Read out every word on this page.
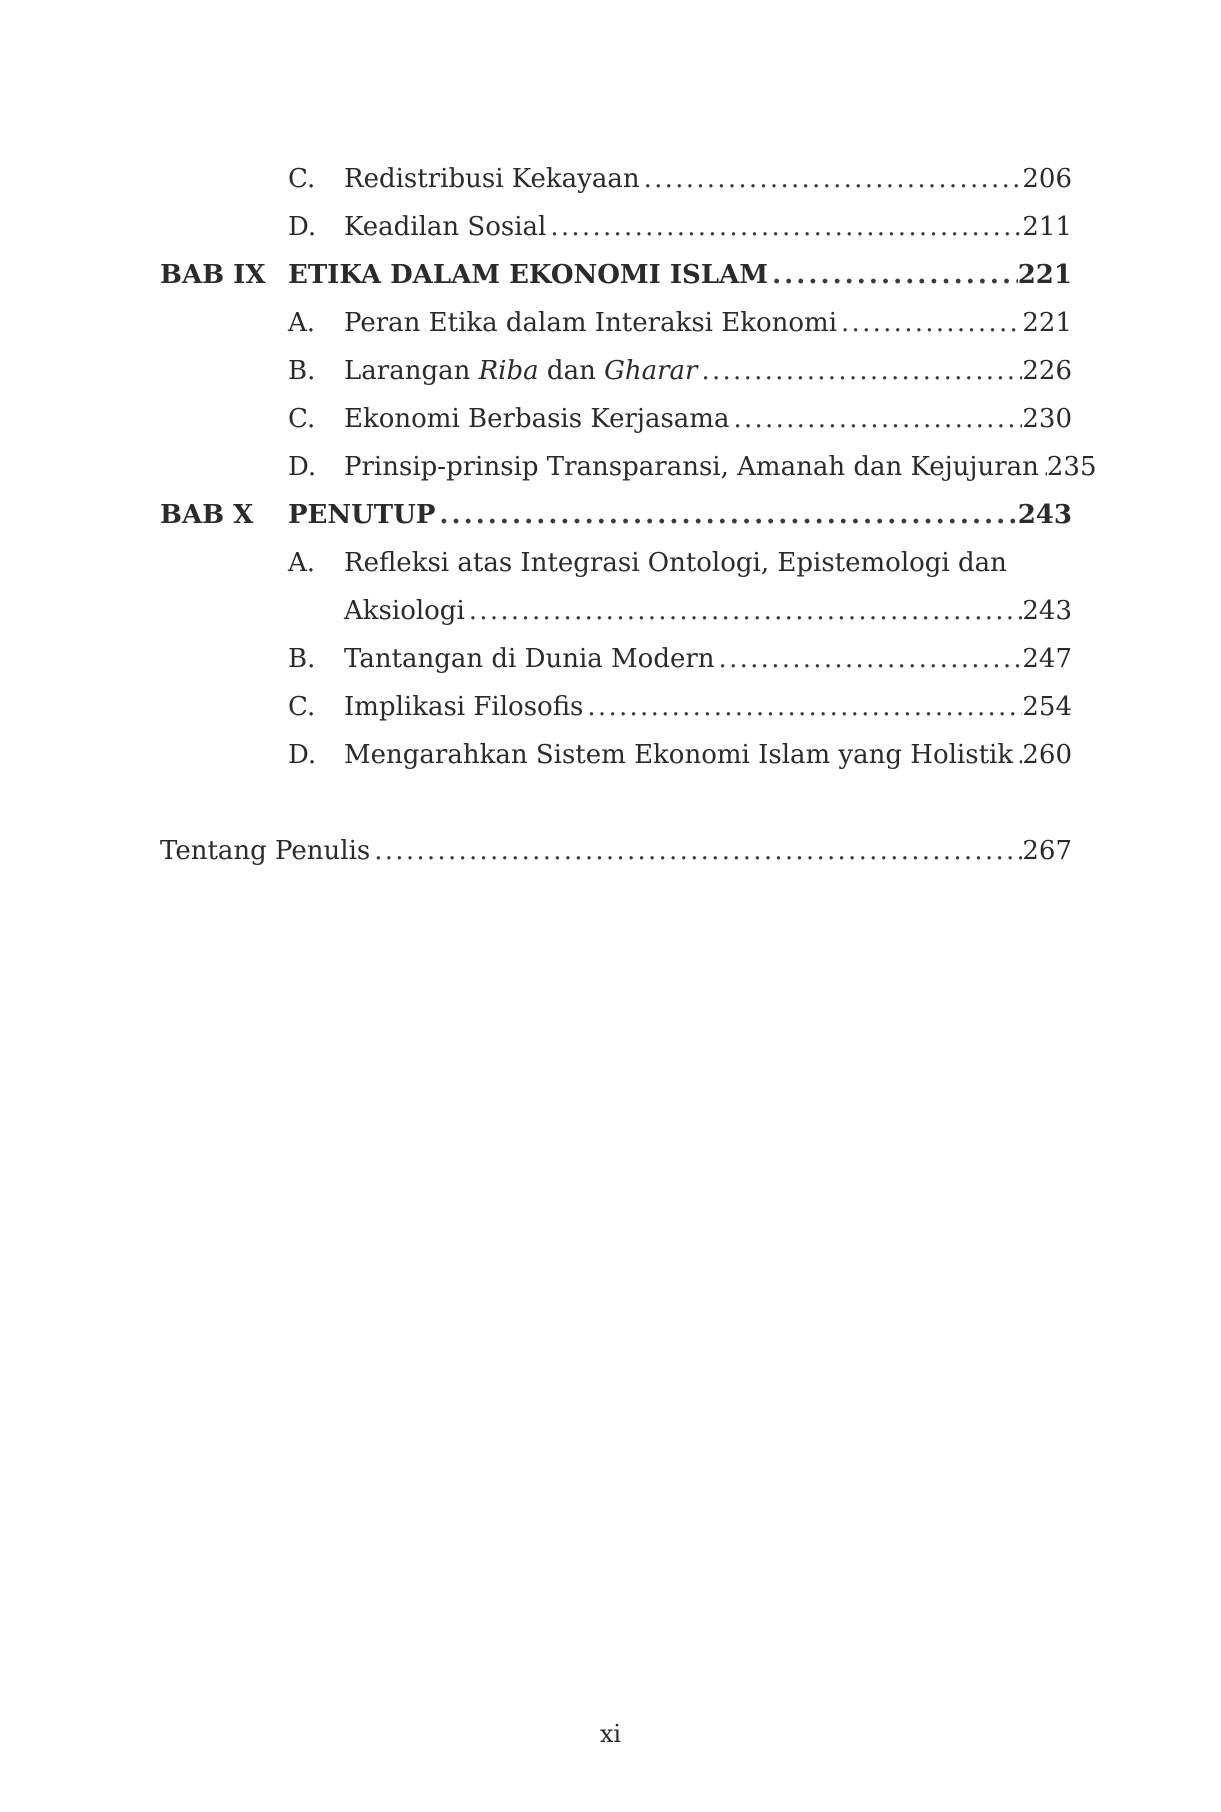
C.	Redistribusi Kekayaan . . .	206
D.	Keadilan Sosial . . .	211
BAB IX ETIKA DALAM EKONOMI ISLAM . . .	221
A.	Peran Etika dalam Interaksi Ekonomi . . .	221
B.	Larangan Riba dan Gharar . . .	226
C.	Ekonomi Berbasis Kerjasama . . .	230
D.	Prinsip-prinsip Transparansi, Amanah dan Kejujuran . . . 235
BAB X	PENUTUP . . .	243
A.	Refleksi atas Integrasi Ontologi, Epistemologi dan
Aksiologi . . .	243
B.	Tantangan di Dunia Modern . . .	247
C.	Implikasi Filosofis . . .	254
D.	Mengarahkan Sistem Ekonomi Islam yang Holistik . . . 260
Tentang Penulis . . .	267
xi
